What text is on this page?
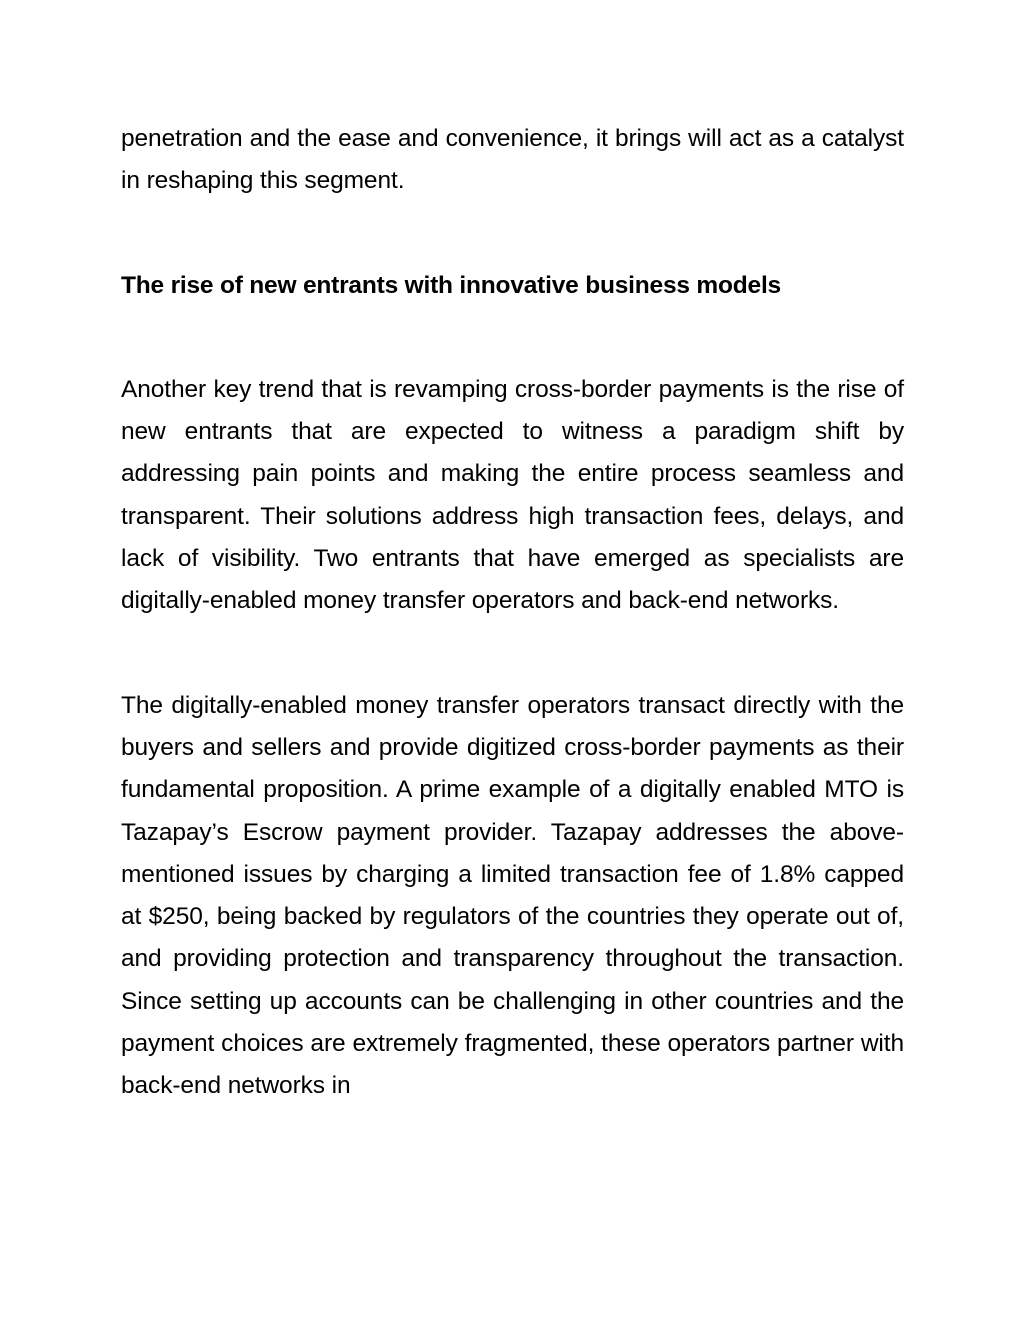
penetration and the ease and convenience, it brings will act as a catalyst in reshaping this segment.

The rise of new entrants with innovative business models

Another key trend that is revamping cross-border payments is the rise of new entrants that are expected to witness a paradigm shift by addressing pain points and making the entire process seamless and transparent. Their solutions address high transaction fees, delays, and lack of visibility. Two entrants that have emerged as specialists are digitally-enabled money transfer operators and back-end networks.

The digitally-enabled money transfer operators transact directly with the buyers and sellers and provide digitized cross-border payments as their fundamental proposition. A prime example of a digitally enabled MTO is Tazapay’s Escrow payment provider. Tazapay addresses the above-mentioned issues by charging a limited transaction fee of 1.8% capped at $250, being backed by regulators of the countries they operate out of, and providing protection and transparency throughout the transaction. Since setting up accounts can be challenging in other countries and the payment choices are extremely fragmented, these operators partner with back-end networks in
